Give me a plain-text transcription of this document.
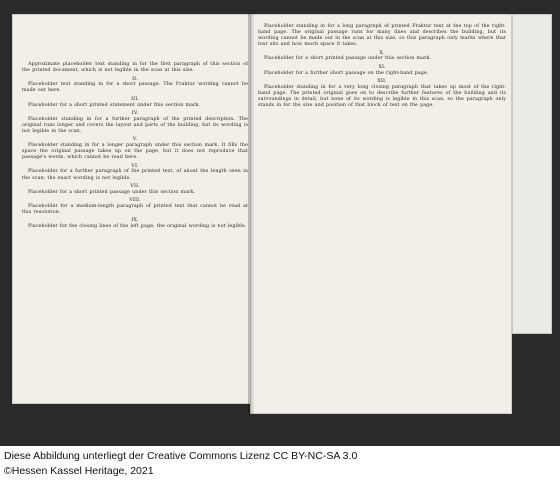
Approximate placeholder text standing in for the first paragraph of this section of the printed document, which is not legible in the scan at this size.
II.
Placeholder text standing in for a short passage. The Fraktur wording cannot be made out here.
III.
Placeholder for a short printed statement under this section mark.
IV.
Placeholder standing in for a further paragraph of the printed description. The original runs longer and covers the layout and parts of the building, but its wording is not legible in the scan.
V.
Placeholder standing in for a longer paragraph under this section mark. It fills the space the original passage takes up on the page, but it does not reproduce that passage's words, which cannot be read here.
VI.
Placeholder for a further paragraph of the printed text, of about the length seen in the scan; the exact wording is not legible.
VII.
Placeholder for a short printed passage under this section mark.
VIII.
Placeholder for a medium-length paragraph of printed text that cannot be read at this resolution.
IX.
Placeholder for the closing lines of the left page; the original wording is not legible.
Placeholder standing in for a long paragraph of printed Fraktur text at the top of the right-hand page. The original passage runs for many lines and describes the building, but its wording cannot be made out in the scan at this size, so this paragraph only marks where that text sits and how much space it takes.
X.
Placeholder for a short printed passage under this section mark.
XI.
Placeholder for a further short passage on the right-hand page.
XII.
Placeholder standing in for a very long closing paragraph that takes up most of the right-hand page. The printed original goes on to describe further features of the building and its surroundings in detail, but none of its wording is legible in this scan, so the paragraph only stands in for the size and position of that block of text on the page.
Diese Abbildung unterliegt der Creative Commons Lizenz CC BY-NC-SA 3.0
©Hessen Kassel Heritage, 2021
